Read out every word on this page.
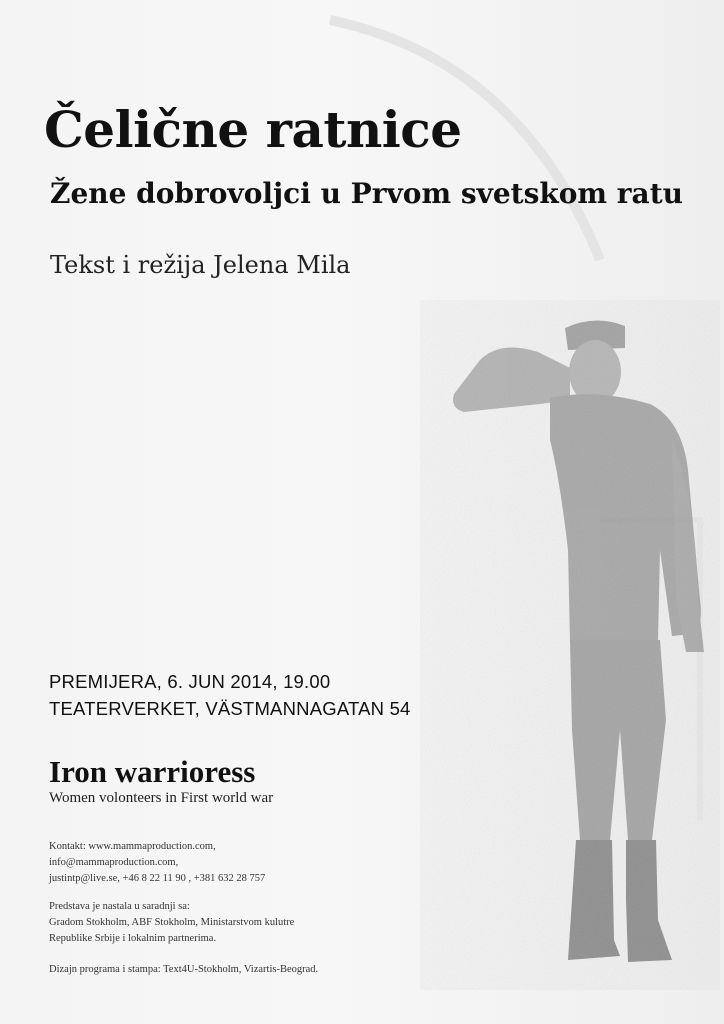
Čelične ratnice
Žene dobrovoljci u Prvom svetskom ratu

Tekst i režija Jelena Mila

PREMIJERA, 6. JUN 2014, 19.00
TEATERVERKET, VÄSTMANNAGATAN 54
Iron warrioress

Women volonteers in First world war

Kontakt: www.mammaproduction.com,
info@mammaproduction.com,
justintp@live.se, +46 8 22 11 90 , +381 632 28 757
Predstava je nastala u saradnji sa:
Gradom Stokholm, ABF Stokholm, Ministarstvom kulutre
Republike Srbije i lokalnim partnerima.
Dizajn programa i stampa: Text4U-Stokholm, Vizartis-Beograd.
